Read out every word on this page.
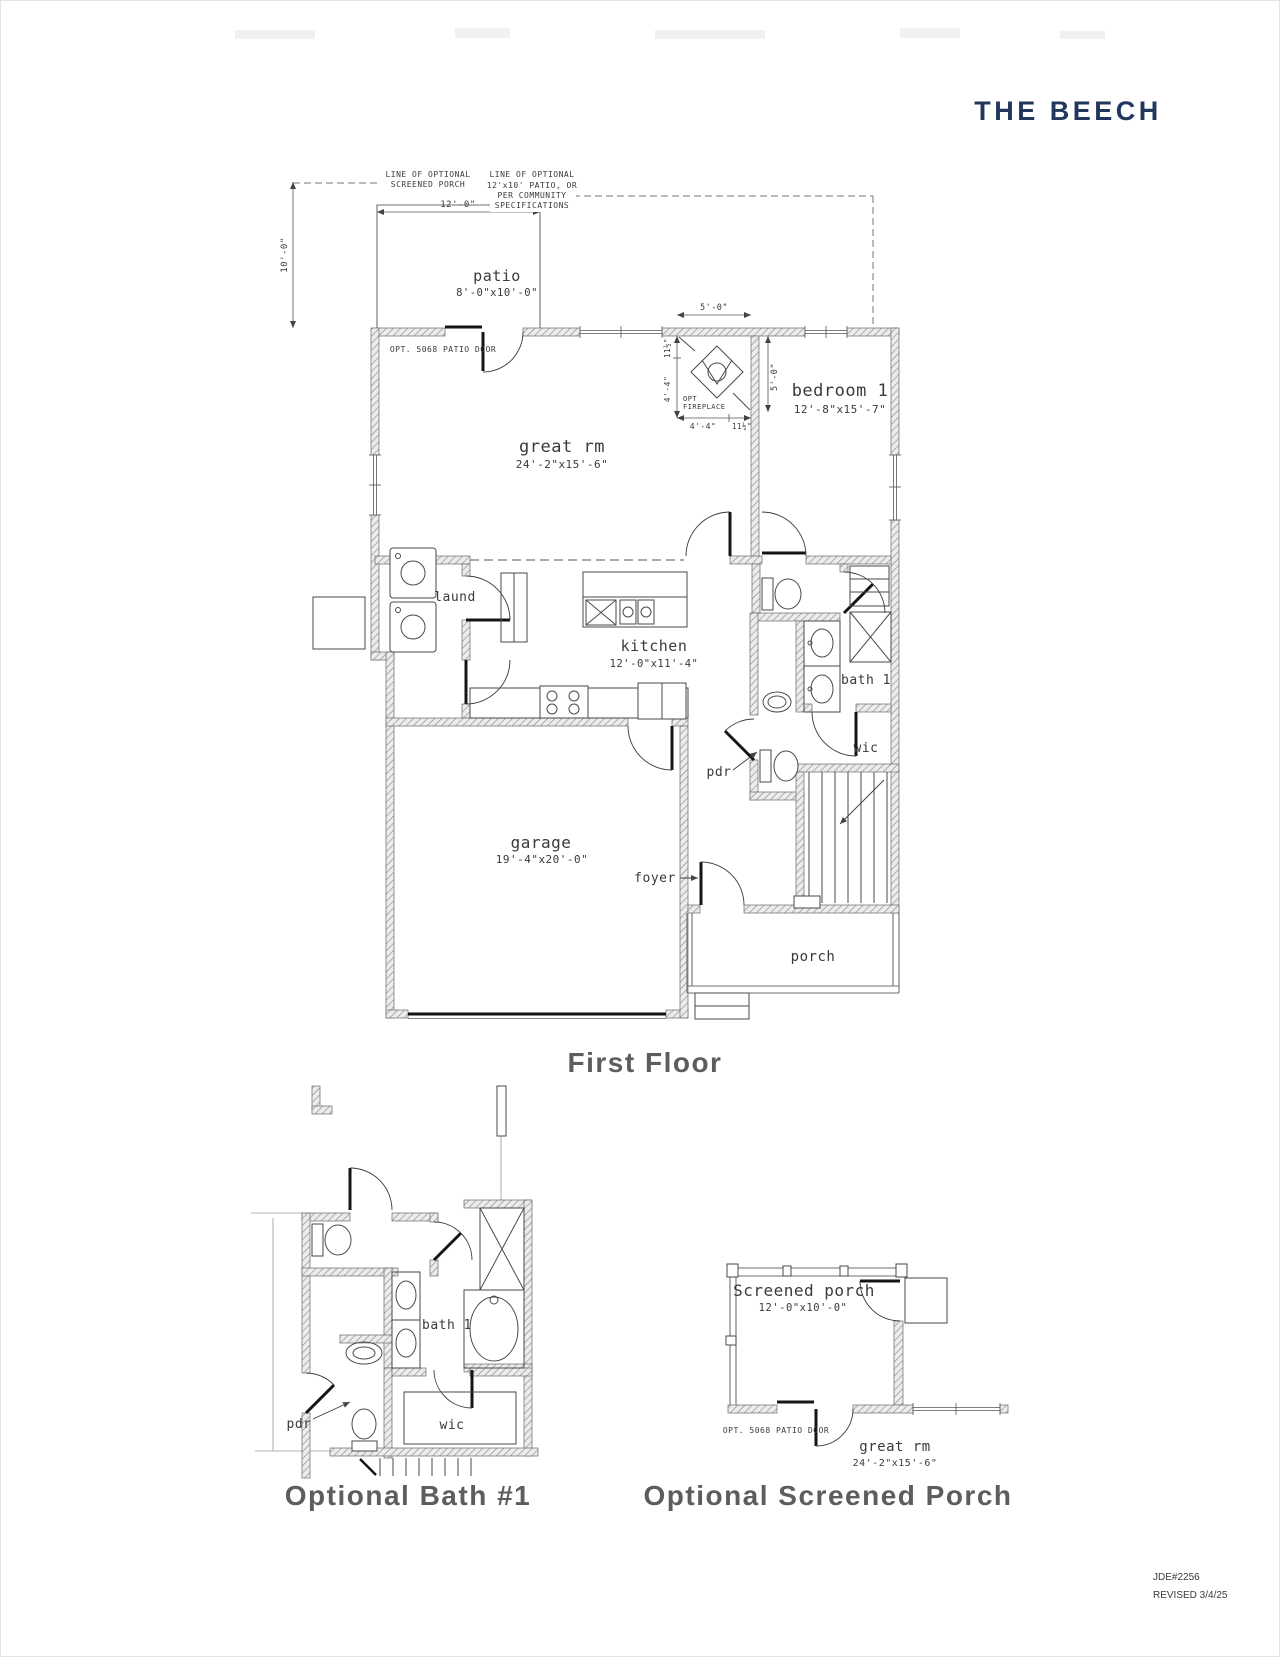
THE BEECH
LINE OF OPTIONAL
SCREENED PORCH
LINE OF OPTIONAL
12'x10' PATIO, OR
PER COMMUNITY
SPECIFICATIONS
12'-0"
10'-0"
5'-0"
5'-0"
11½"
4'-4"
4'-4" 11½"
OPT
FIREPLACE
OPT. 5068 PATIO DOOR
patio
8'-0"x10'-0"
great rm
24'-2"x15'-6"
bedroom 1
12'-8"x15'-7"
kitchen
12'-0"x11'-4"
laund
bath 1
pdr
wic
garage
19'-4"x20'-0"
foyer
porch
First Floor
bath 1
pdr	wic
Optional Bath #1
Screened porch
12'-0"x10'-0"
OPT. 5068 PATIO DOOR
great rm
24'-2"x15'-6"
Optional Screened Porch
JDE#2256
REVISED 3/4/25
